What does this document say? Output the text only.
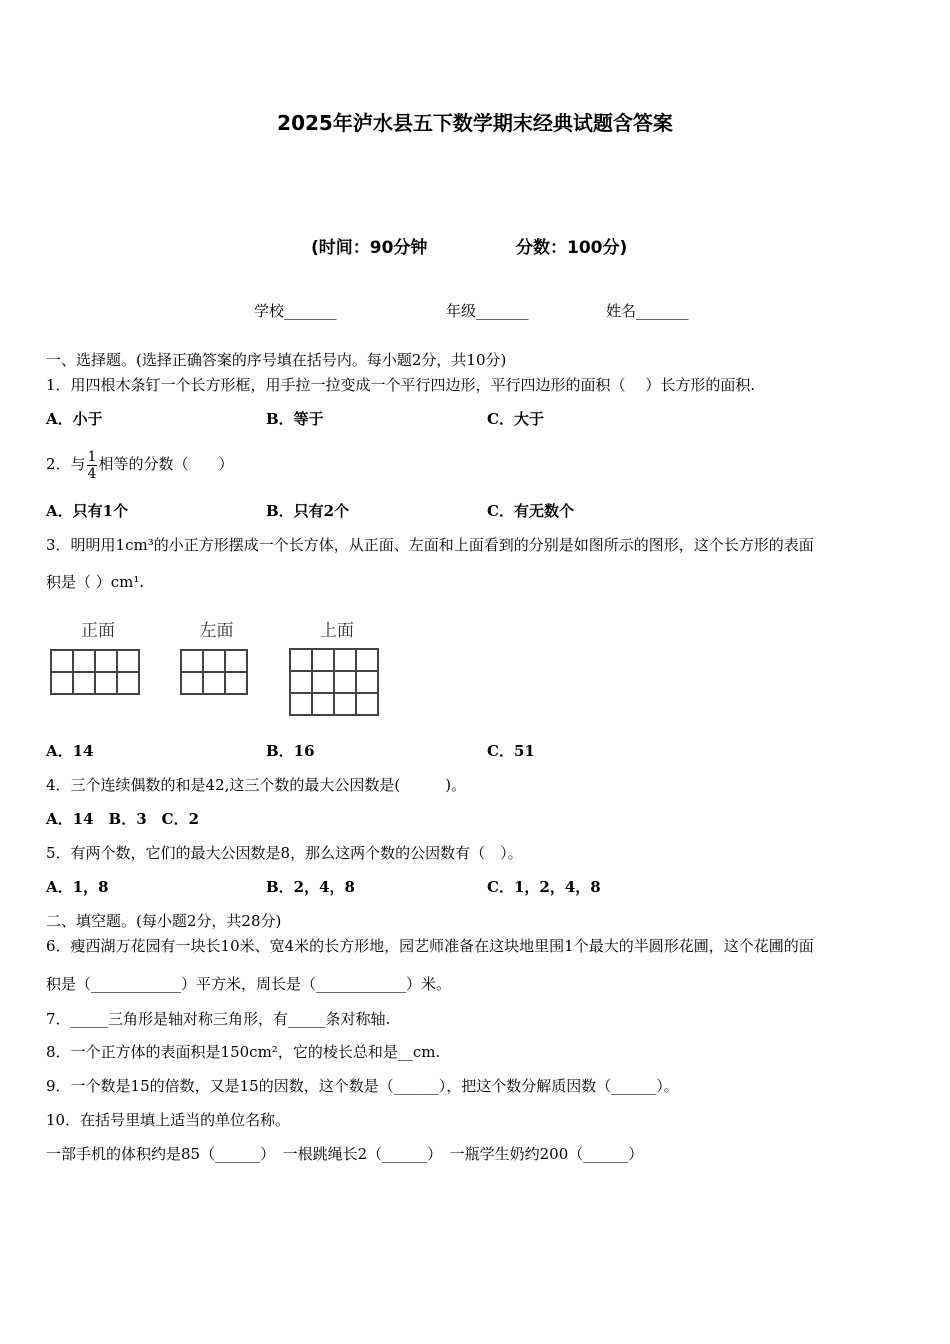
2025年泸水县五下数学期末经典试题含答案
(时间：90分钟	分数：100分)
学校_______	年级_______	姓名_______
一、选择题。(选择正确答案的序号填在括号内。每小题2分，共10分)
1．用四根木条钉一个长方形框，用手拉一拉变成一个平行四边形，平行四边形的面积（　 ）长方形的面积.
A．小于	B．等于	C．大于
2．与 $\frac{1}{4}$ 相等的分数（　　）
A．只有1个	B．只有2个	C．有无数个
3．明明用1cm³的小正方形摆成一个长方体，从正面、左面和上面看到的分别是如图所示的图形，这个长方形的表面
积是（ ）cm¹.
正面

				左面

			上面

A．14	B．16	C．51
4．三个连续偶数的和是42,这三个数的最大公因数是(　　　)。
A．14　B．3　C．2
5．有两个数，它们的最大公因数是8，那么这两个数的公因数有（　）。
A．1，8	B．2，4，8	C．1，2，4，8
二、填空题。(每小题2分，共28分)
6．瘦西湖万花园有一块长10米、宽4米的长方形地，园艺师准备在这块地里围1个最大的半圆形花圃，这个花圃的面
积是（____________）平方米，周长是（____________）米。
7．_____三角形是轴对称三角形，有_____条对称轴.
8．一个正方体的表面积是150cm²，它的棱长总和是__cm.
9．一个数是15的倍数，又是15的因数，这个数是（______），把这个数分解质因数（______）。
10．在括号里填上适当的单位名称。
一部手机的体积约是85（______）　一根跳绳长2（______）　一瓶学生奶约200（______）
